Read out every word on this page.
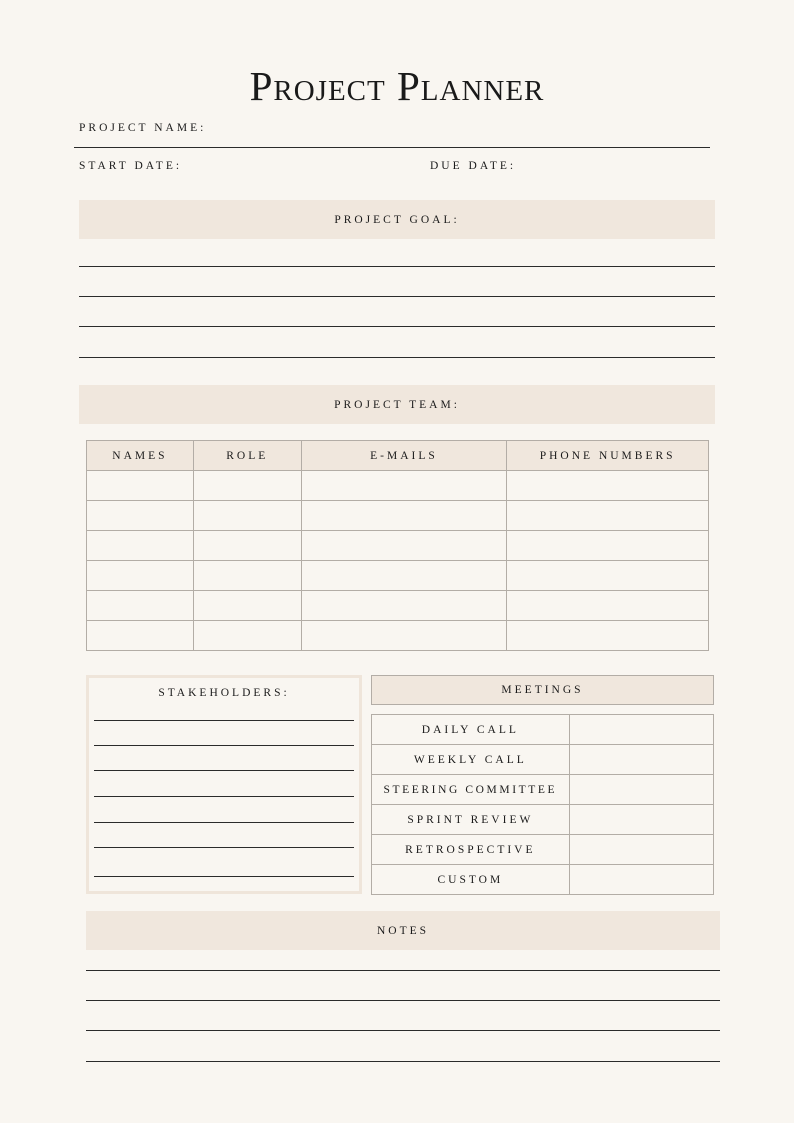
Project Planner
PROJECT NAME:
START DATE:	DUE DATE:
PROJECT GOAL:
PROJECT TEAM:
NAMES	ROLE	E-MAILS	PHONE NUMBERS

STAKEHOLDERS:	MEETINGS
DAILY CALL	
WEEKLY CALL	
STEERING COMMITTEE	
SPRINT REVIEW	
RETROSPECTIVE	
CUSTOM	
NOTES
